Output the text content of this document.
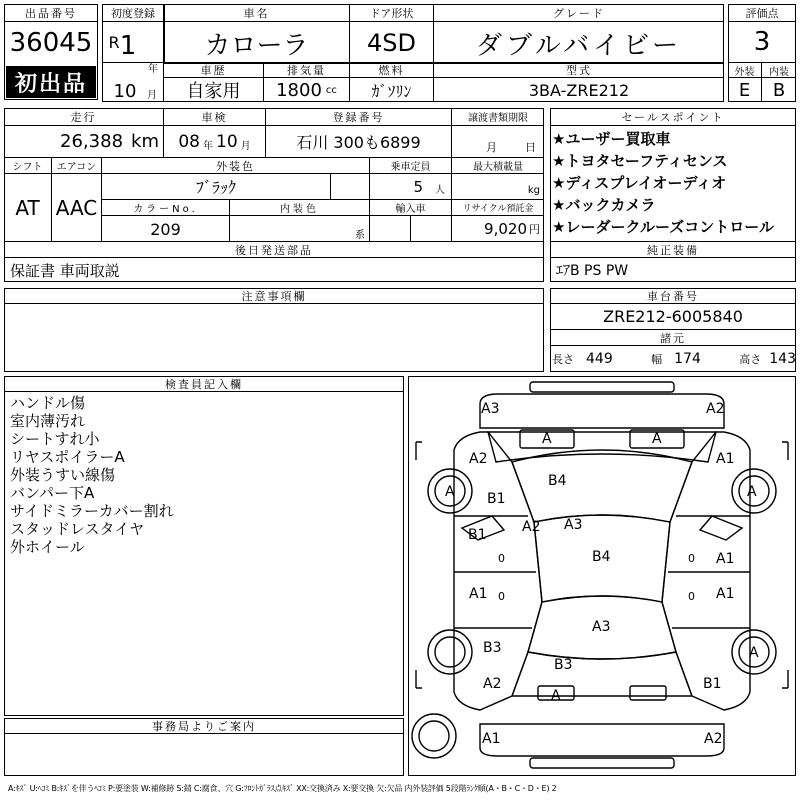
出品番号
36045
初出品
初度登録
R 1
年
車名
カローラ
ドア形状
4SD
グレード
ダブルバイビー
評価点
3
外装	内装
E	B
10	月
車歴
自家用
排気量
1800 cc
燃料
ｶﾞｿﾘﾝ
型式
3BA-ZRE212
走行
26,388 km
車検
08 年 10 月
登録番号
石川 300も6899
譲渡書類期限
月	日
シフト
AT
エアコン
AAC
外装色
ﾌﾞﾗｯｸ
乗車定員
5 人
最大積載量
kg
カラーNo.
209
内装色
系
輸入車	リサイクル預託金
9,020 円
セールスポイント
★ユーザー買取車
★トヨタセーフティセンス
★ディスプレイオーディオ
★バックカメラ
★レーダークルーズコントロール
後日発送部品
保証書 車両取説
純正装備
ｴｱB PS PW
注意事項欄	車台番号
ZRE212-6005840
諸元
長さ 449	幅 174	高さ 143
検査員記入欄
ハンドル傷
室内薄汚れ
シートすれ小
リヤスポイラーA
外装うすい線傷
バンパー下A
サイドミラーカバー割れ
スタッドレスタイヤ
外ホイール
事務局よりご案内
A3	A2
A	A
A2	A1
A
B4
A
B1
A2 A3
B1
0	B4	A1
0
A1 0	A1
0
A3
B3	A
B3
A2
A
B1
A1	A2
A:ｷｽﾞ U:ﾍｺﾐ B:ｷｽﾞを伴うﾍｺﾐ P:要塗装 W:補修跡 S:錆 C:腐食、穴 G:ﾌﾛﾝﾄｶﾞﾗｽ点ｷｽﾞ XX:交換済み X:要交換 欠:欠品 内外装評価 5段階ﾗﾝｸ順(A・B・C・D・E) 2
